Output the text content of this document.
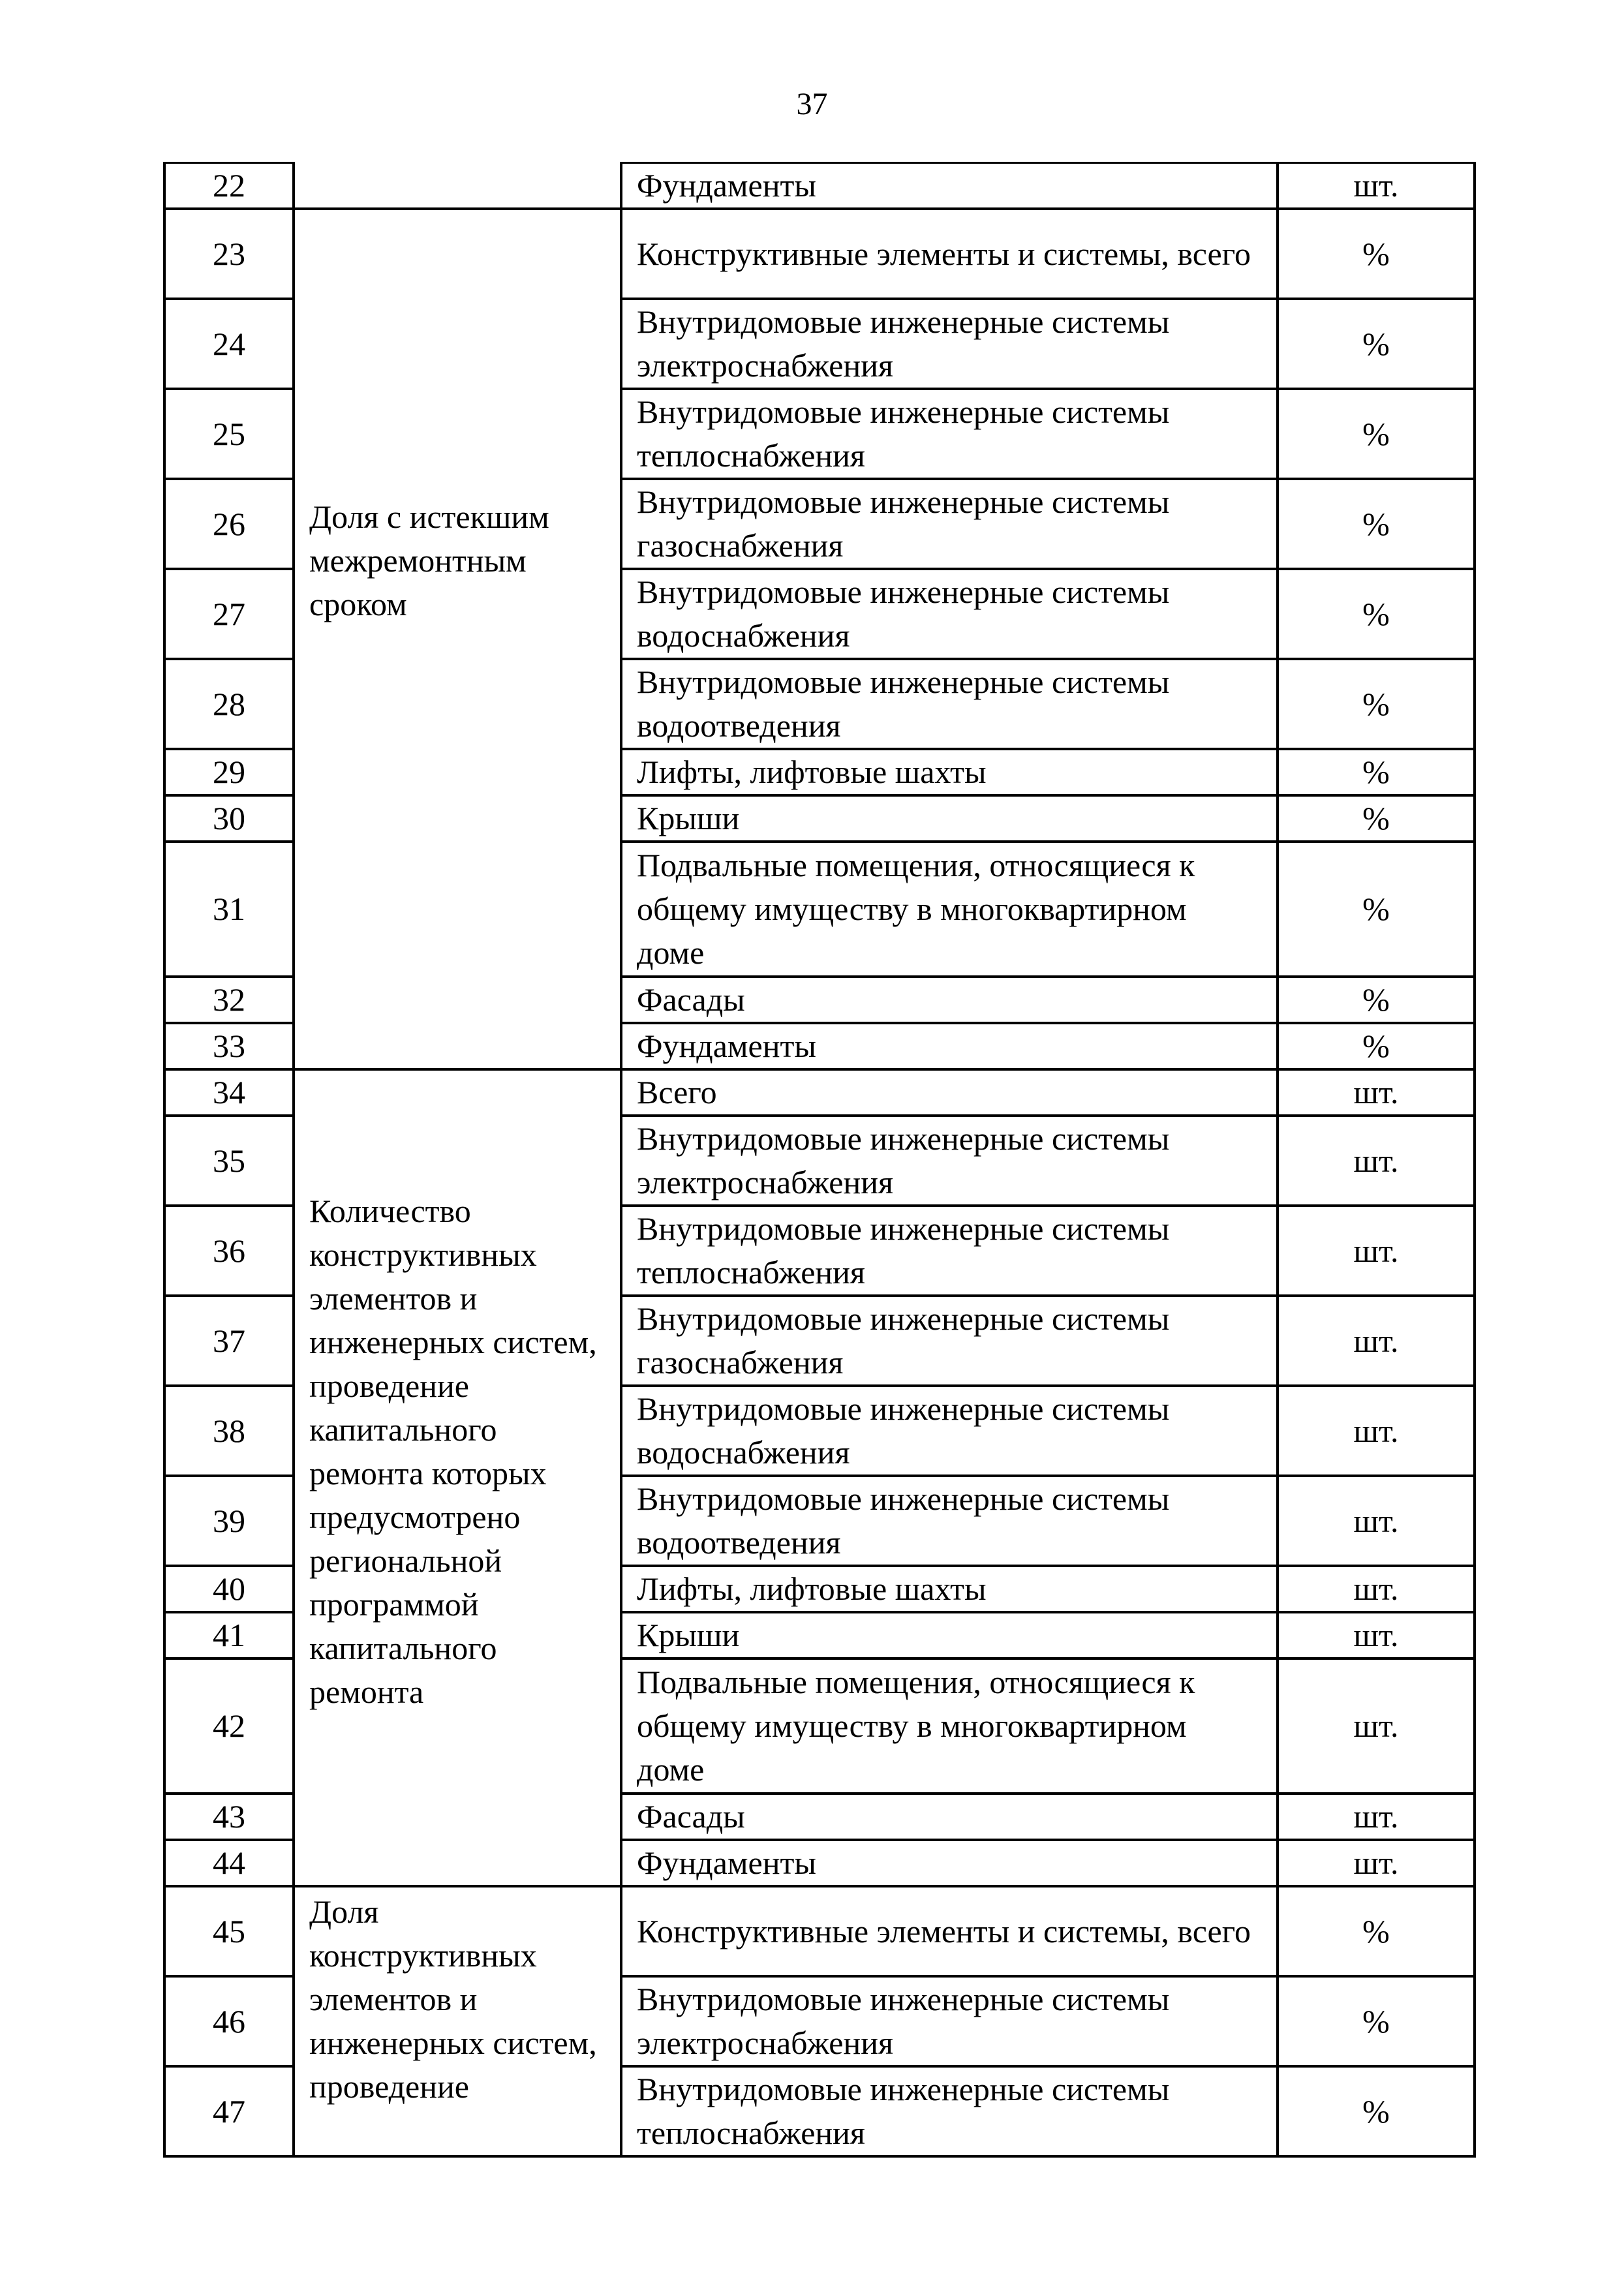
37
22		Фундаменты	шт.
23	Доля с истекшим межремонтным сроком	Конструктивные элементы и системы, всего	%
24		Внутридомовые инженерные системы электроснабжения	%
25		Внутридомовые инженерные системы теплоснабжения	%
26		Внутридомовые инженерные системы газоснабжения	%
27		Внутридомовые инженерные системы водоснабжения	%
28		Внутридомовые инженерные системы водоотведения	%
29		Лифты, лифтовые шахты	%
30		Крыши	%
31		Подвальные помещения, относящиеся к общему имуществу в многоквартирном доме	%
32		Фасады	%
33		Фундаменты	%
34	Количество конструктивных элементов и инженерных систем, проведение капитального ремонта которых предусмотрено региональной программой капитального ремонта	Всего	шт.
35		Внутридомовые инженерные системы электроснабжения	шт.
36		Внутридомовые инженерные системы теплоснабжения	шт.
37		Внутридомовые инженерные системы газоснабжения	шт.
38		Внутридомовые инженерные системы водоснабжения	шт.
39		Внутридомовые инженерные системы водоотведения	шт.
40		Лифты, лифтовые шахты	шт.
41		Крыши	шт.
42		Подвальные помещения, относящиеся к общему имуществу в многоквартирном доме	шт.
43		Фасады	шт.
44		Фундаменты	шт.
45	Доля конструктивных элементов и инженерных систем, проведение	Конструктивные элементы и системы, всего	%
46		Внутридомовые инженерные системы электроснабжения	%
47		Внутридомовые инженерные системы теплоснабжения	%
